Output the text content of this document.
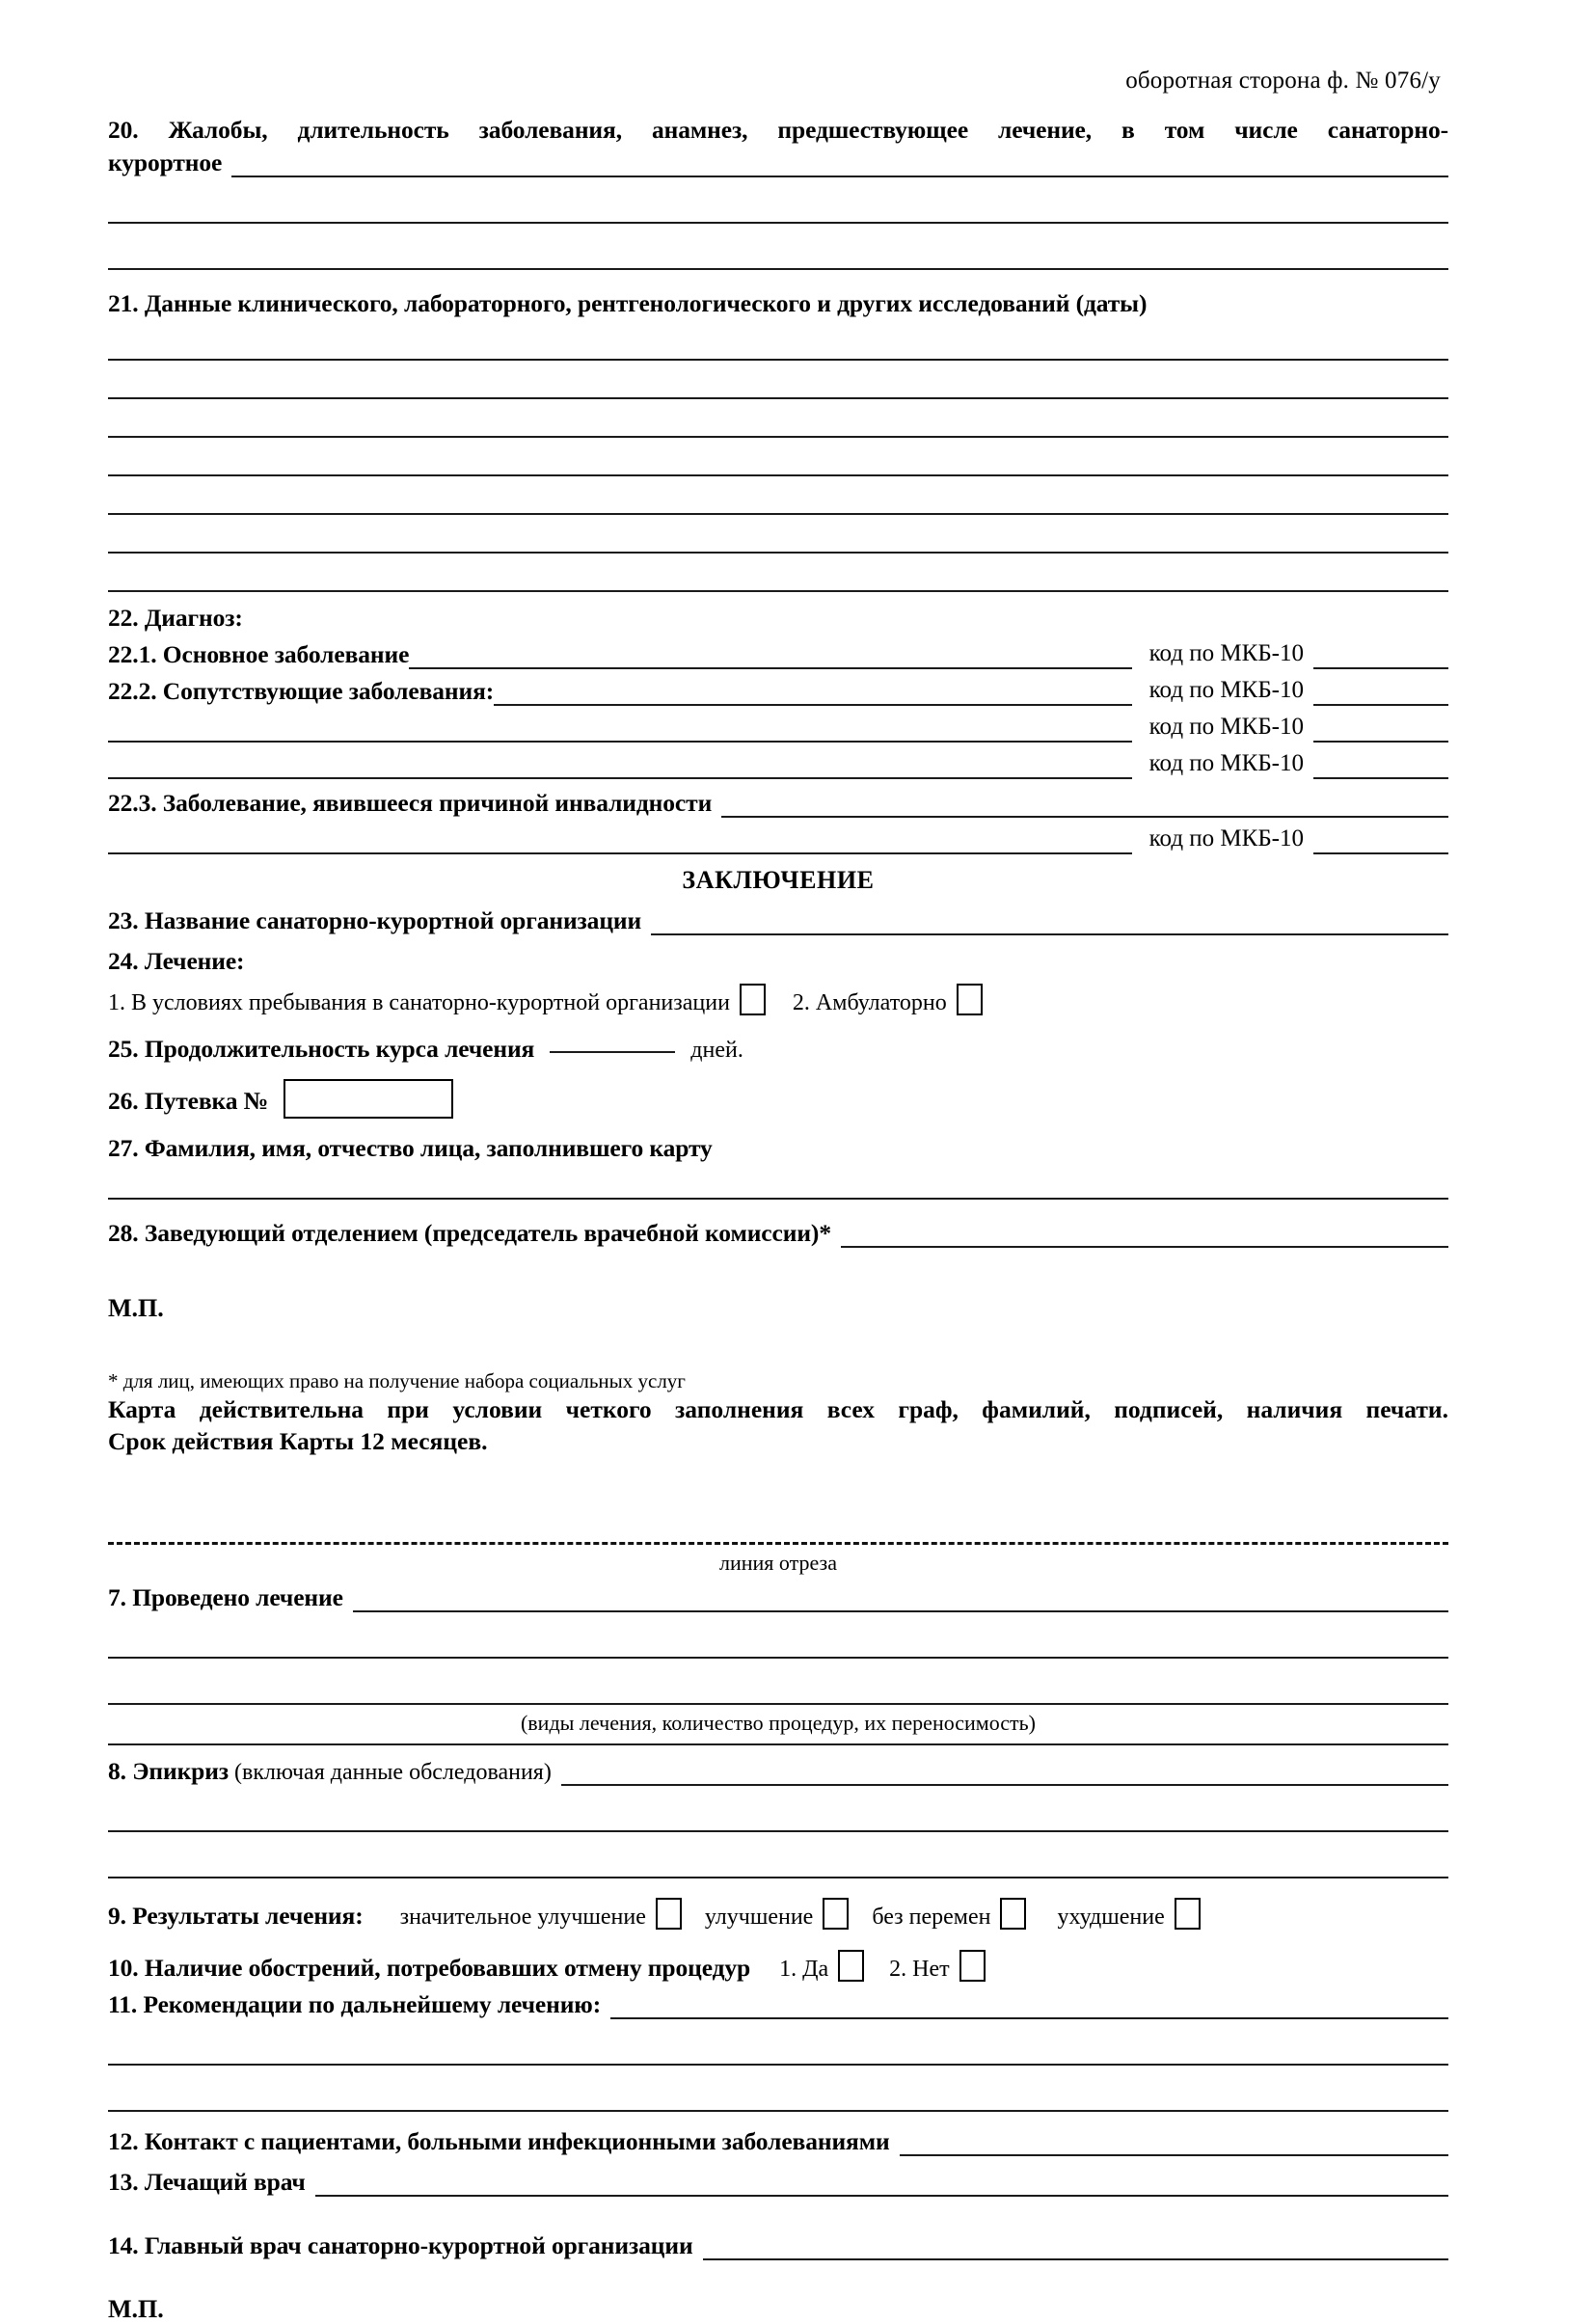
оборотная сторона ф. № 076/у
20. Жалобы, длительность заболевания, анамнез, предшествующее лечение, в том числе санаторно-
курортное
21. Данные клинического, лабораторного, рентгенологического и других исследований (даты)
22. Диагноз:
22.1. Основное заболевание	код по МКБ-10
22.2. Сопутствующие заболевания:	код по МКБ-10
код по МКБ-10
код по МКБ-10
22.3. Заболевание, явившееся причиной инвалидности
код по МКБ-10
ЗАКЛЮЧЕНИЕ
23. Название санаторно-курортной организации
24. Лечение:
1. В условиях пребывания в санаторно-курортной организации	2. Амбулаторно
25. Продолжительность курса лечения	дней.
26. Путевка №
27. Фамилия, имя, отчество лица, заполнившего карту
28. Заведующий отделением (председатель врачебной комиссии)*
М.П.
* для лиц, имеющих право на получение набора социальных услуг
Карта действительна при условии четкого заполнения всех граф, фамилий, подписей, наличия печати.
Срок действия Карты 12 месяцев.
линия отреза
7. Проведено лечение
(виды лечения, количество процедур, их переносимость)
8. Эпикриз (включая данные обследования)
9. Результаты лечения: значительное улучшение	улучшение	без перемен	ухудшение
10. Наличие обострений, потребовавших отмену процедур 1. Да	2. Нет
11. Рекомендации по дальнейшему лечению:
12. Контакт с пациентами, больными инфекционными заболеваниями
13. Лечащий врач
14. Главный врач санаторно-курортной организации
М.П.
